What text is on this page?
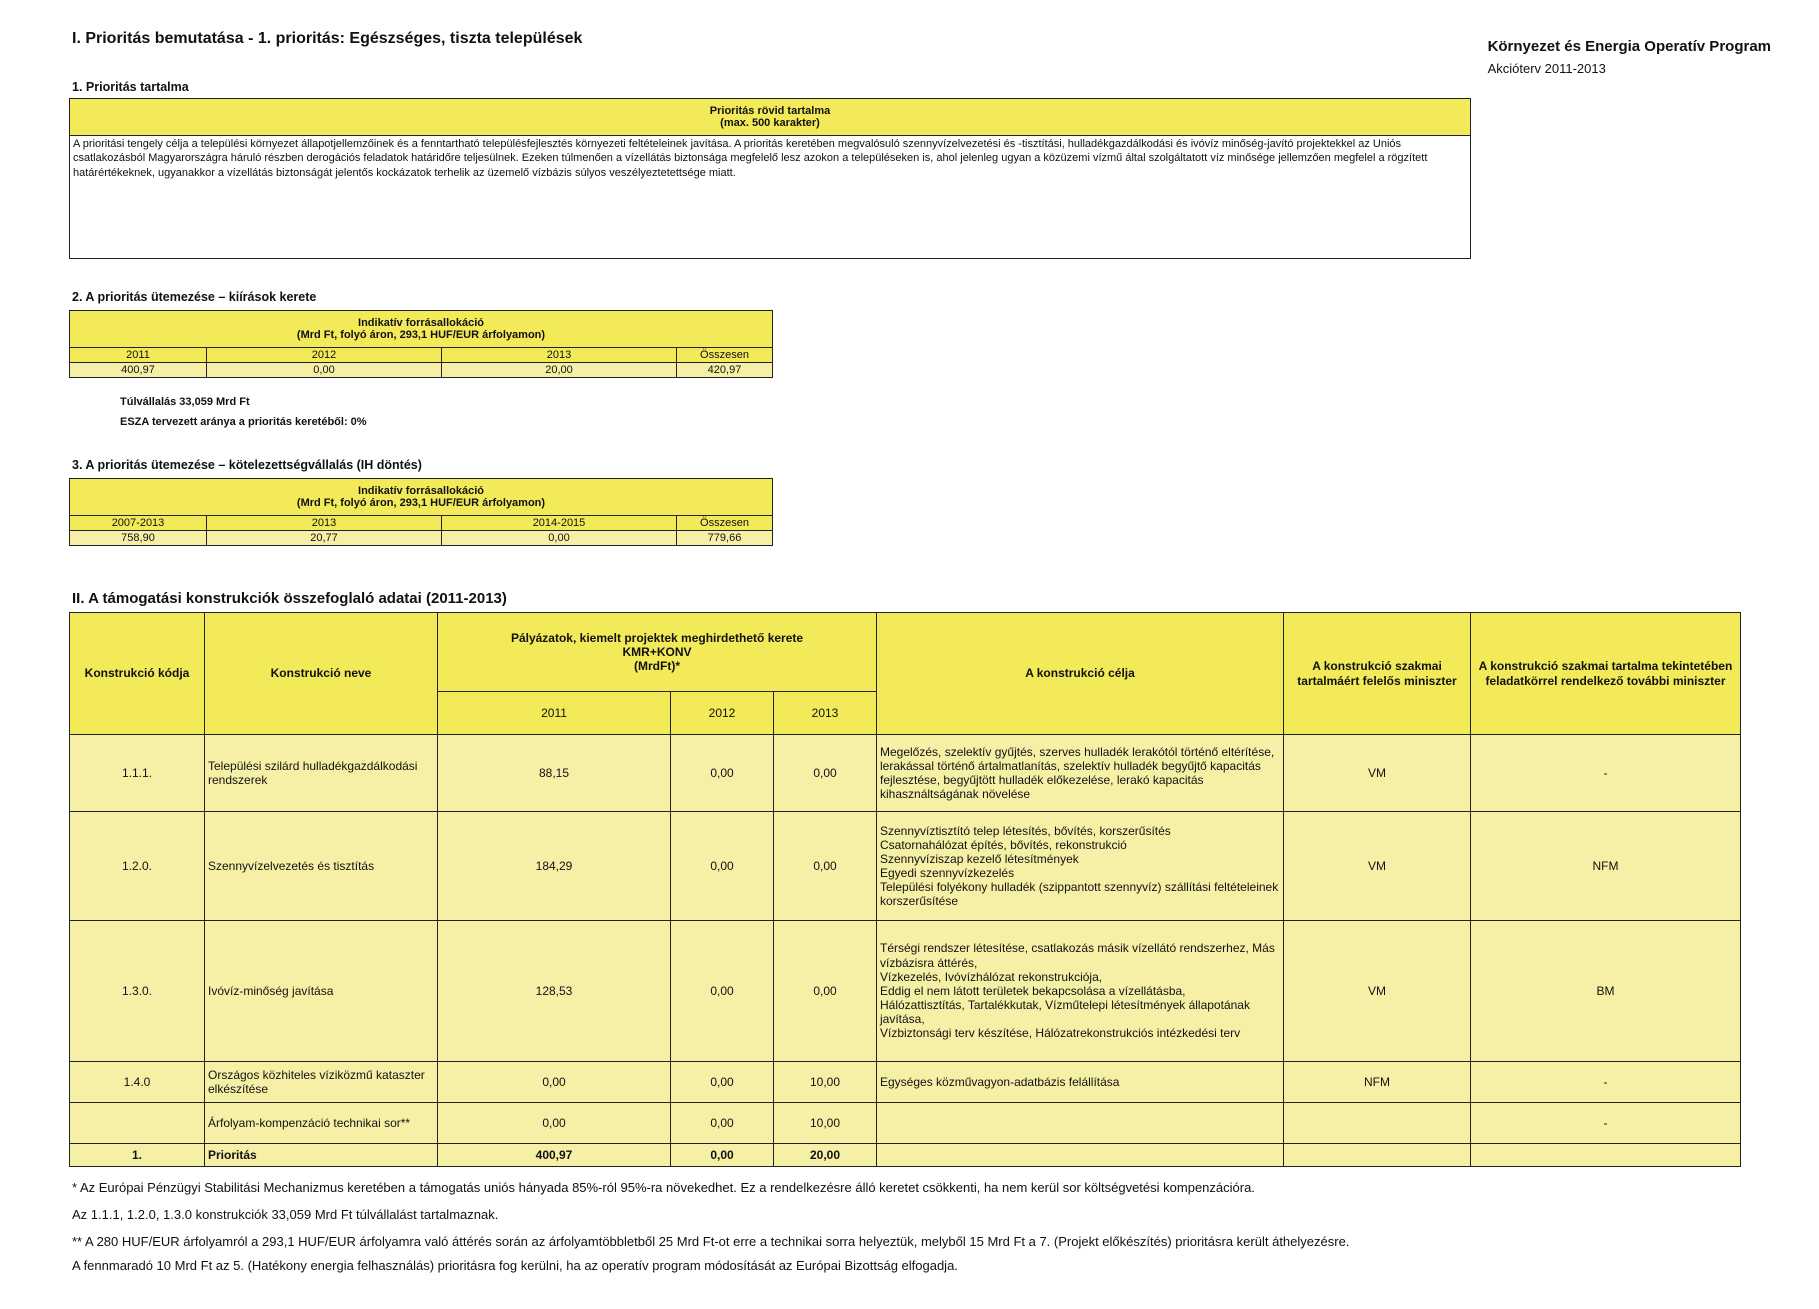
I. Prioritás bemutatása - 1. prioritás: Egészséges, tiszta települések	Környezet és Energia Operatív Program
Akcióterv 2011-2013
1. Prioritás tartalma
Prioritás rövid tartalma
(max. 500 karakter)

A prioritási tengely célja a települési környezet állapotjellemzőinek és a fenntartható településfejlesztés környezeti feltételeinek javítása. A prioritás keretében megvalósuló szennyvízelvezetési és -tisztítási, hulladékgazdálkodási és ivóvíz minőség-javító projektekkel az Uniós csatlakozásból Magyarországra háruló részben derogációs feladatok határidőre teljesülnek. Ezeken túlmenően a vízellátás biztonsága megfelelő lesz azokon a településeken is, ahol jelenleg ugyan a közüzemi vízmű által szolgáltatott víz minősége jellemzően megfelel a rögzített határértékeknek, ugyanakkor a vízellátás biztonságát jelentős kockázatok terhelik az üzemelő vízbázis súlyos veszélyeztetettsége miatt.
2. A prioritás ütemezése – kiírások kerete
Indikatív forrásallokáció
(Mrd Ft, folyó áron, 293,1 HUF/EUR árfolyamon)			

2011	2012	2013	Összesen
400,97	0,00	20,00	420,97
Túlvállalás 33,059 Mrd Ft
ESZA tervezett aránya a prioritás keretéből: 0%
3. A prioritás ütemezése – kötelezettségvállalás (IH döntés)
Indikatív forrásallokáció
(Mrd Ft, folyó áron, 293,1 HUF/EUR árfolyamon)			

2007-2013	2013	2014-2015	Összesen
758,90	20,77	0,00	779,66
II. A támogatási konstrukciók összefoglaló adatai (2011-2013)
Konstrukció kódja	Konstrukció neve	Pályázatok, kiemelt projektek meghirdethető kerete
KMR+KONV
(MrdFt)*			A konstrukció célja	A konstrukció szakmai tartalmáért felelős miniszter	A konstrukció szakmai tartalma tekintetében feladatkörrel rendelkező további miniszter
		2011	2012	2013			
1.1.1.	Települési szilárd hulladékgazdálkodási rendszerek	88,15	0,00	0,00	Megelőzés, szelektív gyűjtés, szerves hulladék lerakótól történő eltérítése, lerakással történő ártalmatlanítás, szelektív hulladék begyűjtő kapacitás fejlesztése, begyűjtött hulladék előkezelése, lerakó kapacitás kihasználtságának növelése	VM	-
1.2.0.	Szennyvízelvezetés és tisztítás	184,29	0,00	0,00	Szennyvíztisztító telep létesítés, bővítés, korszerűsítés
Csatornahálózat építés, bővítés, rekonstrukció
Szennyvíziszap kezelő létesítmények
Egyedi szennyvízkezelés
Települési folyékony hulladék (szippantott szennyvíz) szállítási feltételeinek korszerűsítése	VM	NFM
1.3.0.	Ivóvíz-minőség javítása	128,53	0,00	0,00	Térségi rendszer létesítése, csatlakozás másik vízellátó rendszerhez, Más vízbázisra áttérés,
Vízkezelés, Ivóvízhálózat rekonstrukciója,
Eddig el nem látott területek bekapcsolása a vízellátásba,
Hálózattisztítás, Tartalékkutak, Vízműtelepi létesítmények állapotának javítása,
Vízbiztonsági terv készítése, Hálózatrekonstrukciós intézkedési terv	VM	BM
1.4.0	Országos közhiteles víziközmű kataszter elkészítése	0,00	0,00	10,00	Egységes közművagyon-adatbázis felállítása	NFM	-
	Árfolyam-kompenzáció technikai sor**	0,00	0,00	10,00			-
1.	Prioritás	400,97	0,00	20,00			
* Az Európai Pénzügyi Stabilitási Mechanizmus keretében a támogatás uniós hányada 85%-ról 95%-ra növekedhet. Ez a rendelkezésre álló keretet csökkenti, ha nem kerül sor költségvetési kompenzációra.
Az 1.1.1, 1.2.0, 1.3.0 konstrukciók 33,059 Mrd Ft túlvállalást tartalmaznak.
** A 280 HUF/EUR árfolyamról a 293,1 HUF/EUR árfolyamra való áttérés során az árfolyamtöbbletből 25 Mrd Ft-ot erre a technikai sorra helyeztük, melyből 15 Mrd Ft a 7. (Projekt előkészítés) prioritásra került áthelyezésre.
A fennmaradó 10 Mrd Ft az 5. (Hatékony energia felhasználás) prioritásra fog kerülni, ha az operatív program módosítását az Európai Bizottság elfogadja.
